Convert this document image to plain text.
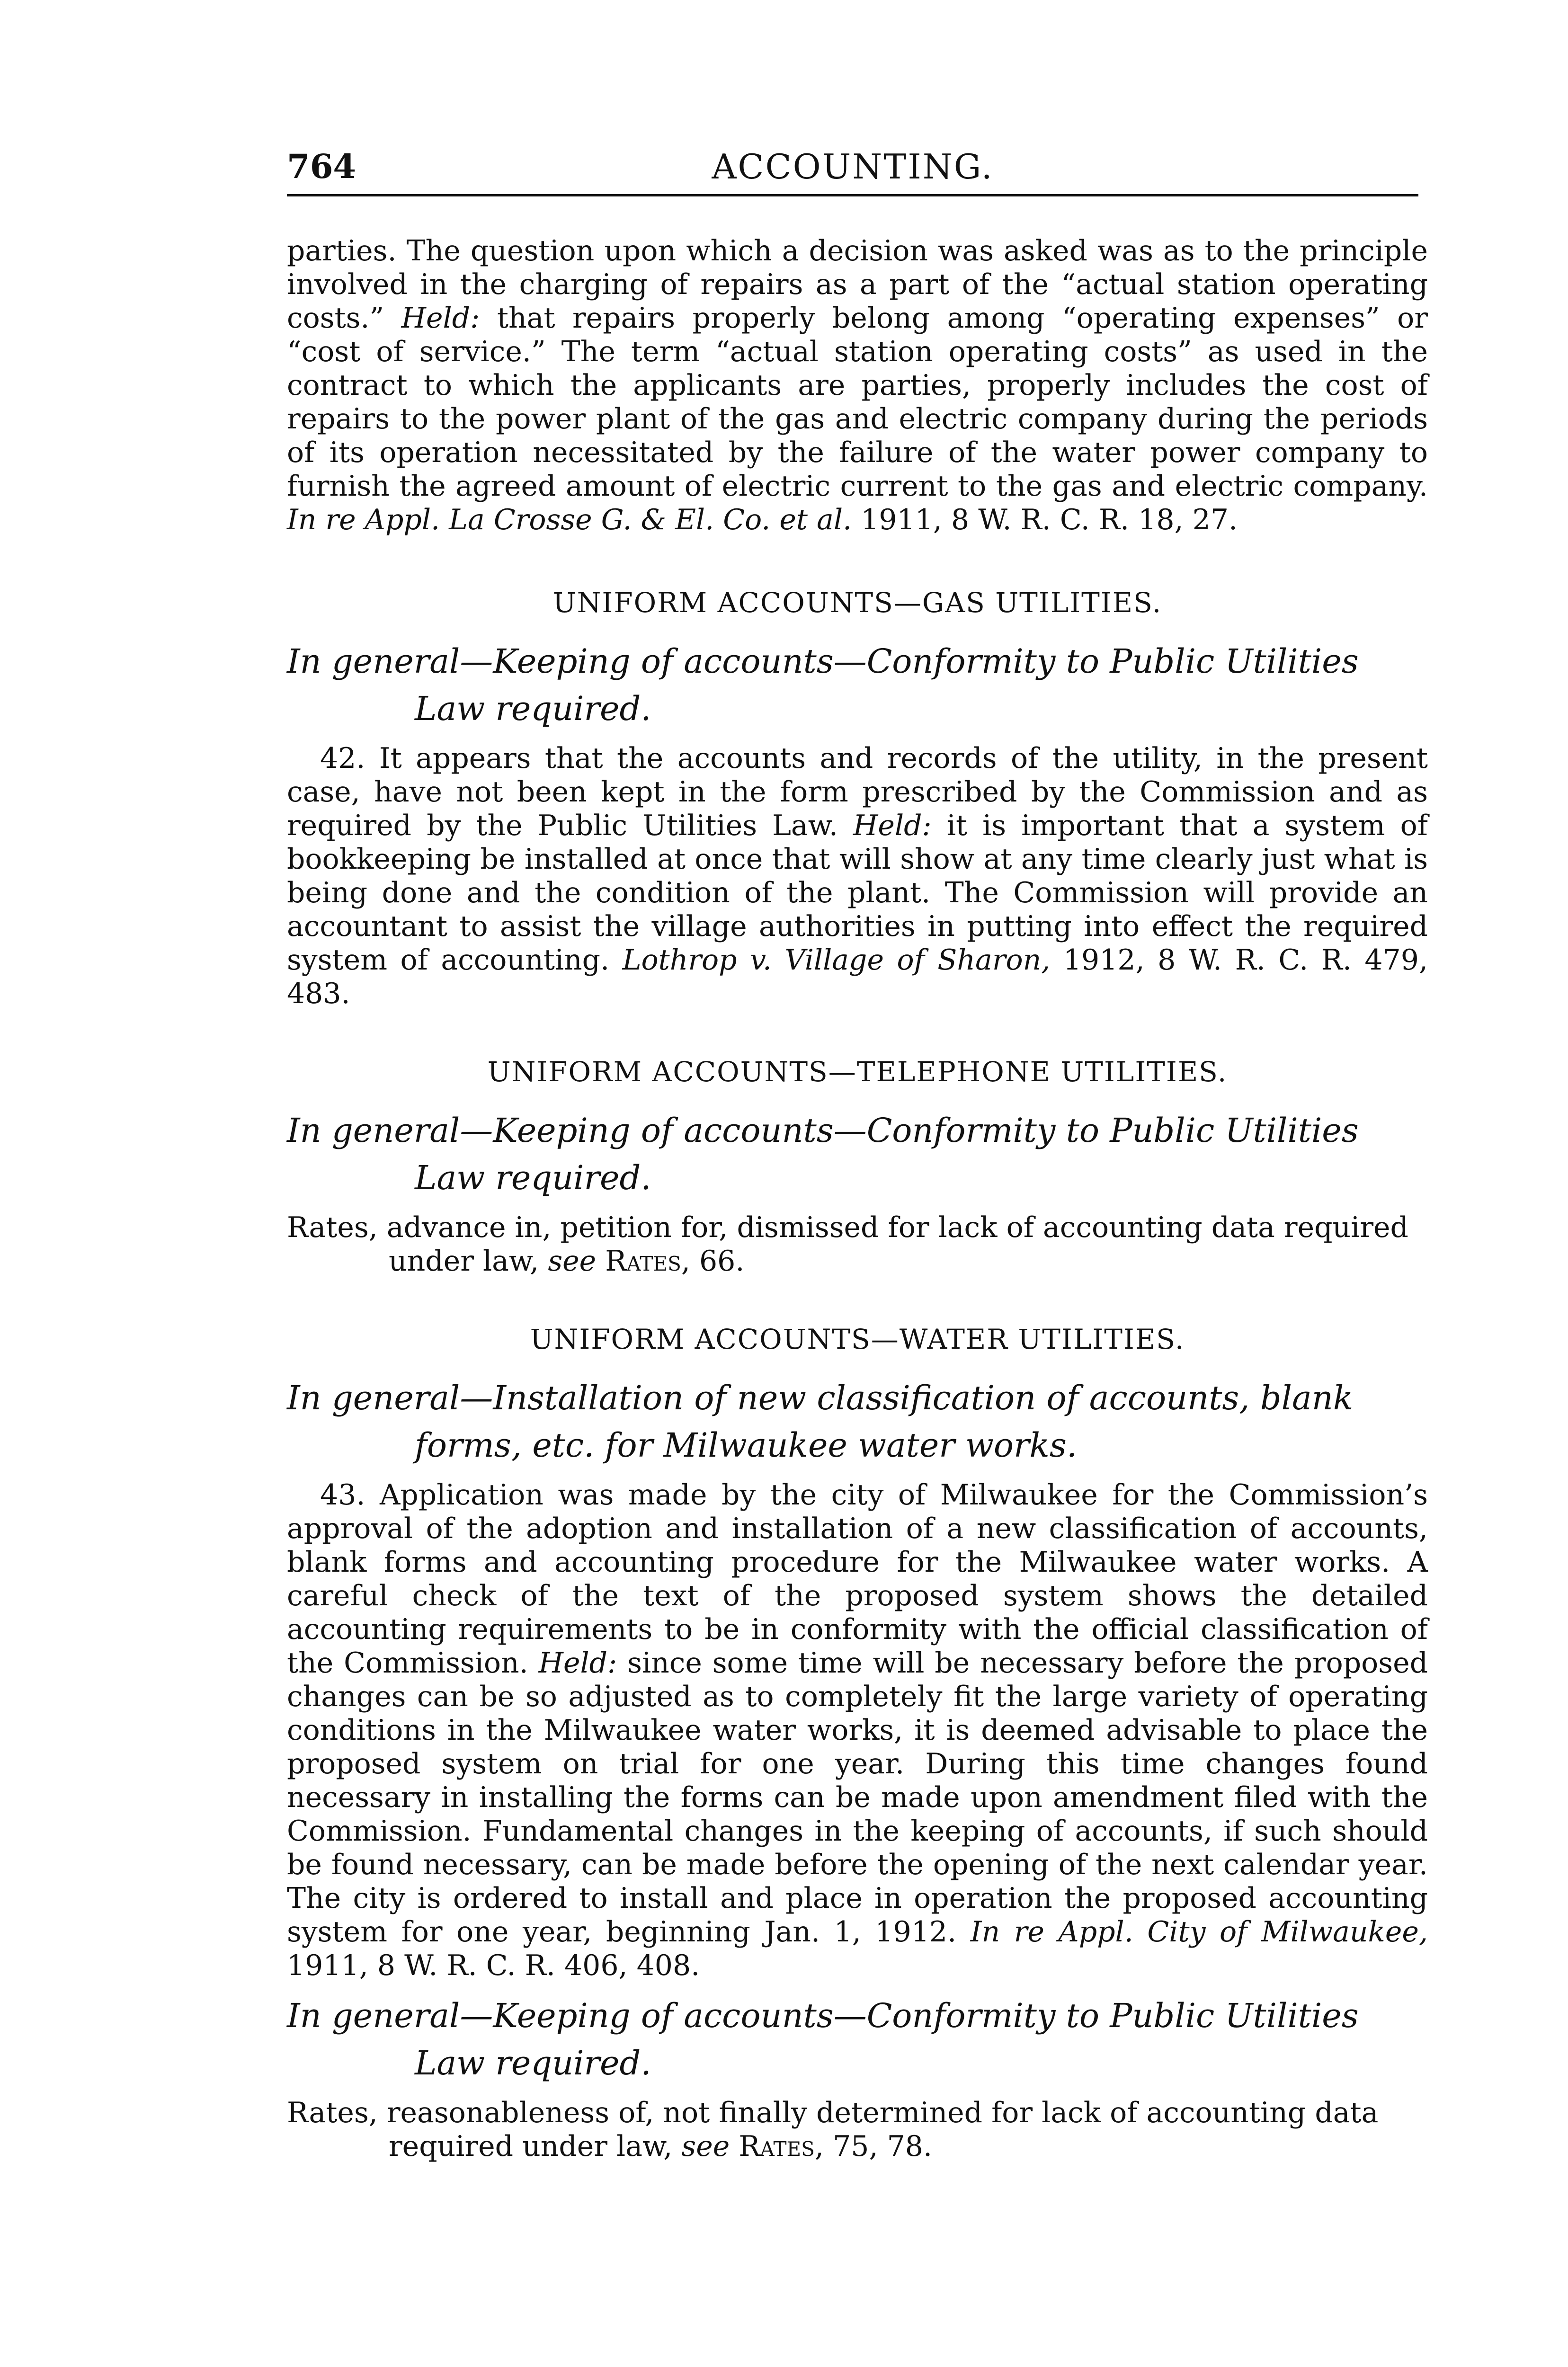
764	ACCOUNTING.

parties. The question upon which a decision was asked was as to the principle involved in the charging of repairs as a part of the “actual station operating costs.” Held: that repairs properly belong among “operating expenses” or “cost of service.” The term “actual station operating costs” as used in the contract to which the applicants are parties, properly includes the cost of repairs to the power plant of the gas and electric company during the periods of its operation necessitated by the failure of the water power company to furnish the agreed amount of electric current to the gas and electric company. In re Appl. La Crosse G. & El. Co. et al. 1911, 8 W. R. C. R. 18, 27.

UNIFORM ACCOUNTS—GAS UTILITIES.
In general—Keeping of accounts—Conformity to Public Utilities Law required.

42. It appears that the accounts and records of the utility, in the present case, have not been kept in the form prescribed by the Commission and as required by the Public Utilities Law. Held: it is important that a system of bookkeeping be installed at once that will show at any time clearly just what is being done and the condition of the plant. The Commission will provide an accountant to assist the village authorities in putting into effect the required system of accounting. Lothrop v. Village of Sharon, 1912, 8 W. R. C. R. 479, 483.

UNIFORM ACCOUNTS—TELEPHONE UTILITIES.
In general—Keeping of accounts—Conformity to Public Utilities Law required.

Rates, advance in, petition for, dismissed for lack of accounting data required under law, see Rates, 66.

UNIFORM ACCOUNTS—WATER UTILITIES.
In general—Installation of new classification of accounts, blank forms, etc. for Milwaukee water works.

43. Application was made by the city of Milwaukee for the Commission’s approval of the adoption and installation of a new classification of accounts, blank forms and accounting procedure for the Milwaukee water works. A careful check of the text of the proposed system shows the detailed accounting requirements to be in conformity with the official classification of the Commission. Held: since some time will be necessary before the proposed changes can be so adjusted as to completely fit the large variety of operating conditions in the Milwaukee water works, it is deemed advisable to place the proposed system on trial for one year. During this time changes found necessary in installing the forms can be made upon amendment filed with the Commission. Fundamental changes in the keeping of accounts, if such should be found necessary, can be made before the opening of the next calendar year. The city is ordered to install and place in operation the proposed accounting system for one year, beginning Jan. 1, 1912. In re Appl. City of Milwaukee, 1911, 8 W. R. C. R. 406, 408.

In general—Keeping of accounts—Conformity to Public Utilities Law required.

Rates, reasonableness of, not finally determined for lack of accounting data required under law, see Rates, 75, 78.
